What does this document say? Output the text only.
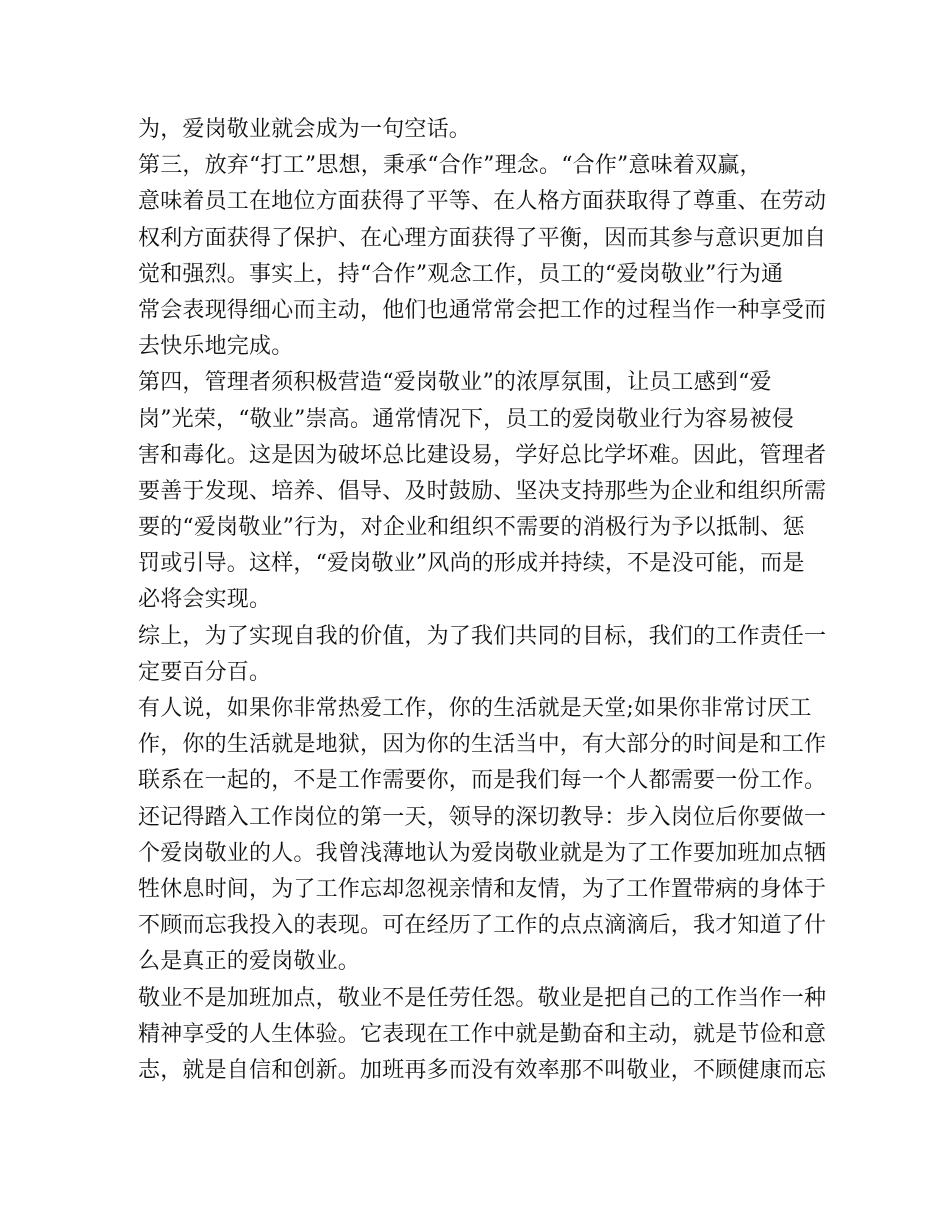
为，爱岗敬业就会成为一句空话。
第三，放弃“打工”思想，秉承“合作”理念。“合作”意味着双赢，
意味着员工在地位方面获得了平等、在人格方面获取得了尊重、在劳动
权利方面获得了保护、在心理方面获得了平衡，因而其参与意识更加自
觉和强烈。事实上，持“合作”观念工作，员工的“爱岗敬业”行为通
常会表现得细心而主动，他们也通常常会把工作的过程当作一种享受而
去快乐地完成。
第四，管理者须积极营造“爱岗敬业”的浓厚氛围，让员工感到“爱
岗”光荣，“敬业”崇高。通常情况下，员工的爱岗敬业行为容易被侵
害和毒化。这是因为破坏总比建设易，学好总比学坏难。因此，管理者
要善于发现、培养、倡导、及时鼓励、坚决支持那些为企业和组织所需
要的“爱岗敬业”行为，对企业和组织不需要的消极行为予以抵制、惩
罚或引导。这样，“爱岗敬业”风尚的形成并持续，不是没可能，而是
必将会实现。
综上，为了实现自我的价值，为了我们共同的目标，我们的工作责任一
定要百分百。
有人说，如果你非常热爱工作，你的生活就是天堂;如果你非常讨厌工
作，你的生活就是地狱，因为你的生活当中，有大部分的时间是和工作
联系在一起的，不是工作需要你，而是我们每一个人都需要一份工作。
还记得踏入工作岗位的第一天，领导的深切教导：步入岗位后你要做一
个爱岗敬业的人。我曾浅薄地认为爱岗敬业就是为了工作要加班加点牺
牲休息时间，为了工作忘却忽视亲情和友情，为了工作置带病的身体于
不顾而忘我投入的表现。可在经历了工作的点点滴滴后，我才知道了什
么是真正的爱岗敬业。
敬业不是加班加点，敬业不是任劳任怨。敬业是把自己的工作当作一种
精神享受的人生体验。它表现在工作中就是勤奋和主动，就是节俭和意
志，就是自信和创新。加班再多而没有效率那不叫敬业，不顾健康而忘
